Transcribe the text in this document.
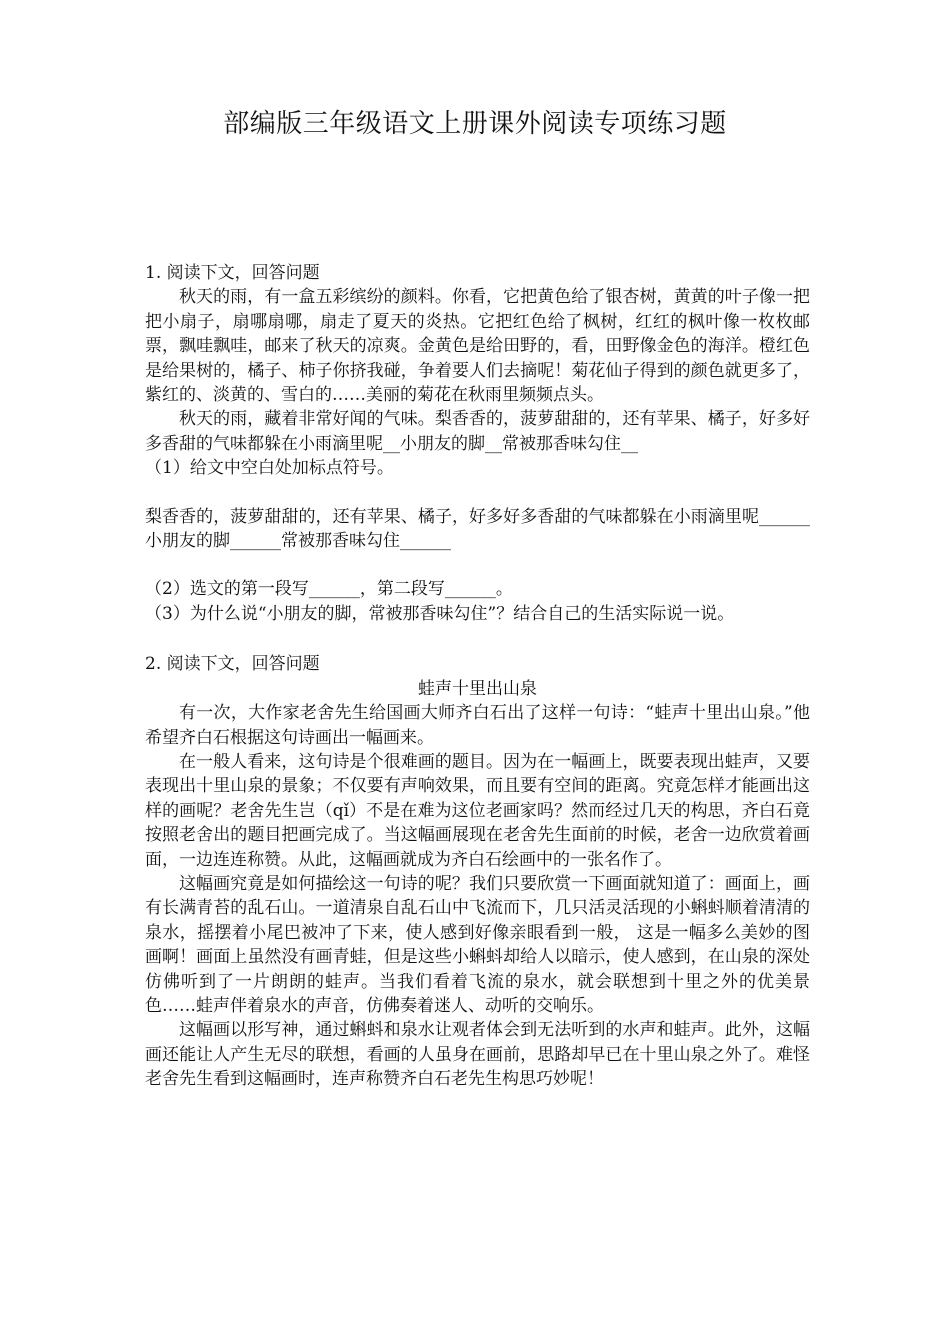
部编版三年级语文上册课外阅读专项练习题

1. 阅读下文，回答问题

秋天的雨，有一盒五彩缤纷的颜料。你看，它把黄色给了银杏树，黄黄的叶子像一把把小扇子，扇哪扇哪，扇走了夏天的炎热。它把红色给了枫树，红红的枫叶像一枚枚邮票，飘哇飘哇，邮来了秋天的凉爽。金黄色是给田野的，看，田野像金色的海洋。橙红色是给果树的，橘子、柿子你挤我碰，争着要人们去摘呢！菊花仙子得到的颜色就更多了，紫红的、淡黄的、雪白的……美丽的菊花在秋雨里频频点头。

秋天的雨，藏着非常好闻的气味。梨香香的，菠萝甜甜的，还有苹果、橘子，好多好多香甜的气味都躲在小雨滴里呢__小朋友的脚__常被那香味勾住__

（1）给文中空白处加标点符号。

梨香香的，菠萝甜甜的，还有苹果、橘子，好多好多香甜的气味都躲在小雨滴里呢______小朋友的脚______常被那香味勾住______

（2）选文的第一段写______，第二段写______。

（3）为什么说“小朋友的脚，常被那香味勾住”？结合自己的生活实际说一说。

2. 阅读下文，回答问题

蛙声十里出山泉

有一次，大作家老舍先生给国画大师齐白石出了这样一句诗：“蛙声十里出山泉。”他希望齐白石根据这句诗画出一幅画来。

在一般人看来，这句诗是个很难画的题目。因为在一幅画上，既要表现出蛙声，又要表现出十里山泉的景象；不仅要有声响效果，而且要有空间的距离。究竟怎样才能画出这样的画呢？老舍先生岂（qǐ）不是在难为这位老画家吗？然而经过几天的构思，齐白石竟按照老舍出的题目把画完成了。当这幅画展现在老舍先生面前的时候，老舍一边欣赏着画面，一边连连称赞。从此，这幅画就成为齐白石绘画中的一张名作了。

这幅画究竟是如何描绘这一句诗的呢？我们只要欣赏一下画面就知道了：画面上，画有长满青苔的乱石山。一道清泉自乱石山中飞流而下，几只活灵活现的小蝌蚪顺着清清的泉水，摇摆着小尾巴被冲了下来，使人感到好像亲眼看到一般， 这是一幅多么美妙的图画啊！画面上虽然没有画青蛙，但是这些小蝌蚪却给人以暗示，使人感到，在山泉的深处仿佛听到了一片朗朗的蛙声。当我们看着飞流的泉水，就会联想到十里之外的优美景色……蛙声伴着泉水的声音，仿佛奏着迷人、动听的交响乐。

这幅画以形写神，通过蝌蚪和泉水让观者体会到无法听到的水声和蛙声。此外，这幅画还能让人产生无尽的联想，看画的人虽身在画前，思路却早已在十里山泉之外了。难怪老舍先生看到这幅画时，连声称赞齐白石老先生构思巧妙呢！
